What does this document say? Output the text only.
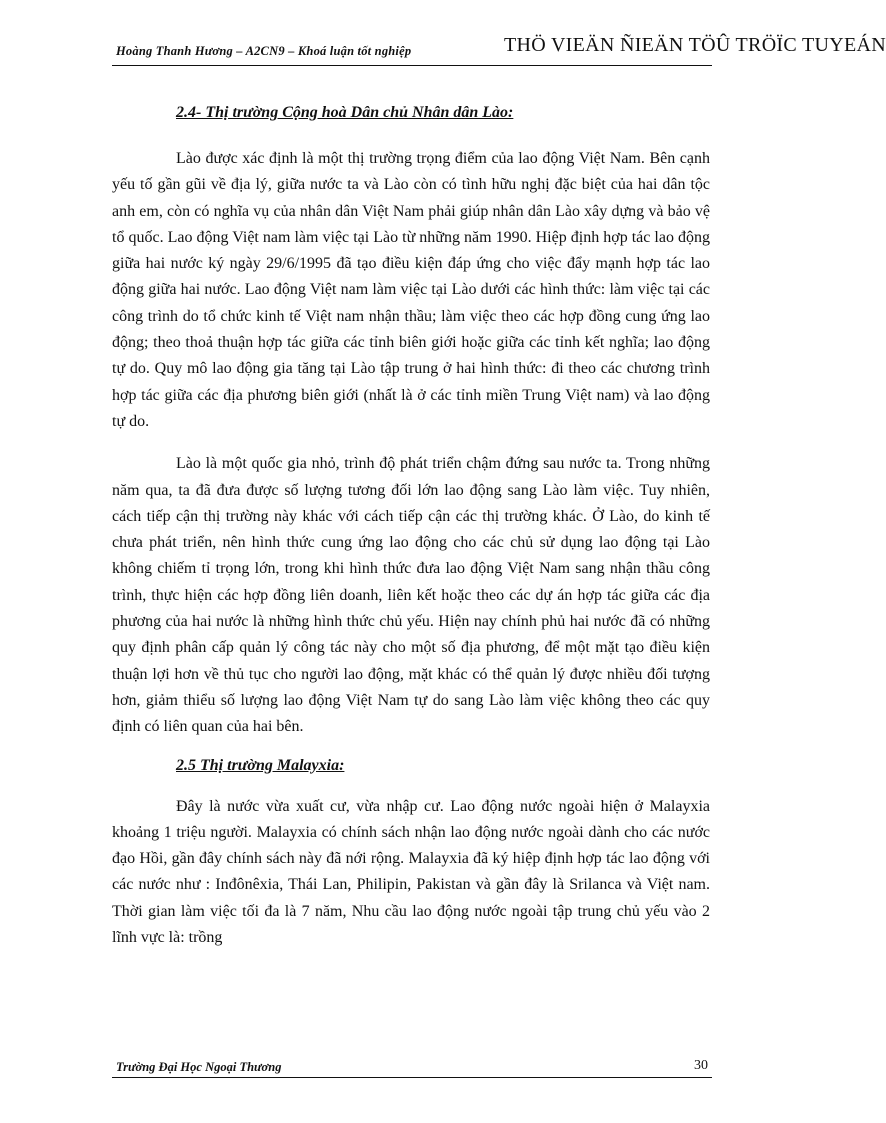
Hoàng Thanh Hương – A2CN9 – Khoá luận tốt nghiệp	THÖ VIEÄN ÑIEÄN TÖÛ TRÖÏC TUYEÁN

2.4- Thị trường Cộng hoà Dân chủ Nhân dân Lào:

Lào được xác định là một thị trường trọng điểm của lao động Việt Nam. Bên cạnh yếu tố gần gũi về địa lý, giữa nước ta và Lào còn có tình hữu nghị đặc biệt của hai dân tộc anh em, còn có nghĩa vụ của nhân dân Việt Nam phải giúp nhân dân Lào xây dựng và bảo vệ tổ quốc. Lao động Việt nam làm việc tại Lào từ những năm 1990. Hiệp định hợp tác lao động giữa hai nước ký ngày 29/6/1995 đã tạo điều kiện đáp ứng cho việc đẩy mạnh hợp tác lao động giữa hai nước. Lao động Việt nam làm việc tại Lào dưới các hình thức: làm việc tại các công trình do tổ chức kinh tế Việt nam nhận thầu; làm việc theo các hợp đồng cung ứng lao động; theo thoả thuận hợp tác giữa các tỉnh biên giới hoặc giữa các tỉnh kết nghĩa; lao động tự do. Quy mô lao động gia tăng tại Lào tập trung ở hai hình thức: đi theo các chương trình hợp tác giữa các địa phương biên giới (nhất là ở các tỉnh miền Trung Việt nam) và lao động tự do.

Lào là một quốc gia nhỏ, trình độ phát triển chậm đứng sau nước ta. Trong những năm qua, ta đã đưa được số lượng tương đối lớn lao động sang Lào làm việc. Tuy nhiên, cách tiếp cận thị trường này khác với cách tiếp cận các thị trường khác. Ở Lào, do kinh tế chưa phát triển, nên hình thức cung ứng lao động cho các chủ sử dụng lao động tại Lào không chiếm tỉ trọng lớn, trong khi hình thức đưa lao động Việt Nam sang nhận thầu công trình, thực hiện các hợp đồng liên doanh, liên kết hoặc theo các dự án hợp tác giữa các địa phương của hai nước là những hình thức chủ yếu. Hiện nay chính phủ hai nước đã có những quy định phân cấp quản lý công tác này cho một số địa phương, để một mặt tạo điều kiện thuận lợi hơn về thủ tục cho người lao động, mặt khác có thể quản lý được nhiều đối tượng hơn, giảm thiểu số lượng lao động Việt Nam tự do sang Lào làm việc không theo các quy định có liên quan của hai bên.

2.5 Thị trường Malayxia:

Đây là nước vừa xuất cư, vừa nhập cư. Lao động nước ngoài hiện ở Malayxia khoảng 1 triệu người. Malayxia có chính sách nhận lao động nước ngoài dành cho các nước đạo Hồi, gần đây chính sách này đã nới rộng. Malayxia đã ký hiệp định hợp tác lao động với các nước như : Inđônêxia, Thái Lan, Philipin, Pakistan và gần đây là Srilanca và Việt nam. Thời gian làm việc tối đa là 7 năm, Nhu cầu lao động nước ngoài tập trung chủ yếu vào 2 lĩnh vực là: trồng

Trường Đại Học Ngoại Thương	30
